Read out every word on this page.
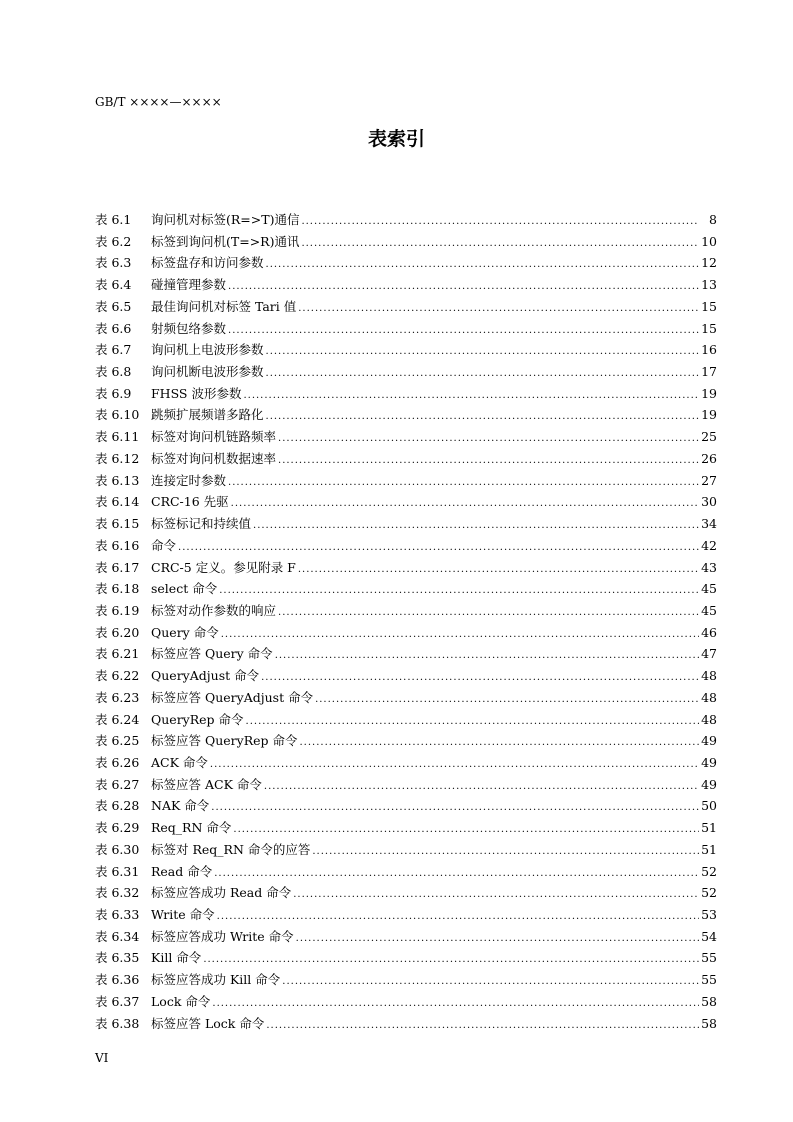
GB/T ××××—××××
表索引
表 6.1	询问机对标签(R=>T)通信 .....	8
表 6.2	标签到询问机(T=>R)通讯 .....	10
表 6.3	标签盘存和访问参数 .....	12
表 6.4	碰撞管理参数 .....	13
表 6.5	最佳询问机对标签 Tari 值 .....	15
表 6.6	射频包络参数 .....	15
表 6.7	询问机上电波形参数 .....	16
表 6.8	询问机断电波形参数 .....	17
表 6.9	FHSS 波形参数 .....	19
表 6.10 跳频扩展频谱多路化 .....	19
表 6.11 标签对询问机链路频率 .....	25
表 6.12 标签对询问机数据速率 .....	26
表 6.13 连接定时参数 .....	27
表 6.14 CRC-16 先驱 .....	30
表 6.15 标签标记和持续值 .....	34
表 6.16 命令 .....	42
表 6.17 CRC-5 定义。参见附录 F .....	43
表 6.18 select 命令 .....	45
表 6.19 标签对动作参数的响应 .....	45
表 6.20 Query 命令 .....	46
表 6.21 标签应答 Query 命令 .....	47
表 6.22 QueryAdjust 命令 .....	48
表 6.23 标签应答 QueryAdjust 命令 .....	48
表 6.24 QueryRep 命令 .....	48
表 6.25 标签应答 QueryRep 命令 .....	49
表 6.26 ACK 命令 .....	49
表 6.27 标签应答 ACK 命令 .....	49
表 6.28 NAK 命令 .....	50
表 6.29 Req_RN 命令 .....	51
表 6.30 标签对 Req_RN 命令的应答 .....	51
表 6.31 Read 命令 .....	52
表 6.32 标签应答成功 Read 命令 .....	52
表 6.33 Write 命令 .....	53
表 6.34 标签应答成功 Write 命令 .....	54
表 6.35 Kill 命令 .....	55
表 6.36 标签应答成功 Kill 命令 .....	55
表 6.37 Lock 命令 .....	58
表 6.38 标签应答 Lock 命令 .....	58
VI
